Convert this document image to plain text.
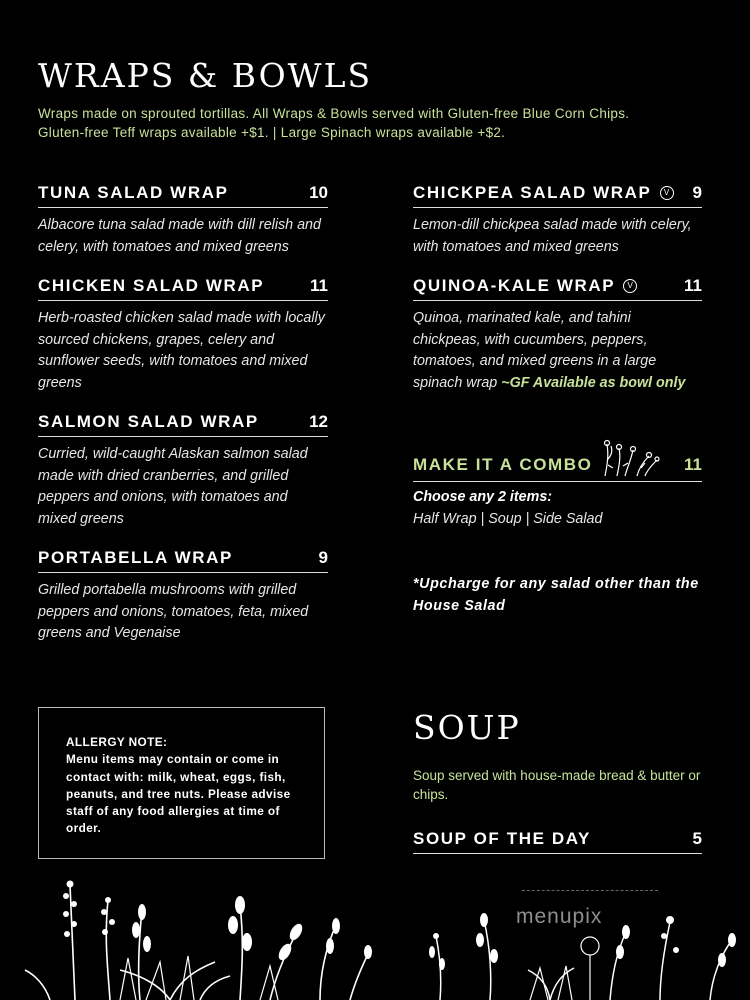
WRAPS & BOWLS
Wraps made on sprouted tortillas. All Wraps & Bowls served with Gluten-free Blue Corn Chips.
Gluten-free Teff wraps available +$1. | Large Spinach wraps available +$2.
TUNA SALAD WRAP	10
Albacore tuna salad made with dill relish and celery, with tomatoes and mixed greens
CHICKEN SALAD WRAP	11
Herb-roasted chicken salad made with locally sourced chickens, grapes, celery and sunflower seeds, with tomatoes and mixed greens
SALMON SALAD WRAP	12
Curried, wild-caught Alaskan salmon salad made with dried cranberries, and grilled peppers and onions, with tomatoes and mixed greens
PORTABELLA WRAP	9
Grilled portabella mushrooms with grilled peppers and onions, tomatoes, feta, mixed greens and Vegenaise
CHICKPEA SALAD WRAP	V 9
Lemon-dill chickpea salad made with celery, with tomatoes and mixed greens
QUINOA-KALE WRAP	V	11
Quinoa, marinated kale, and tahini chickpeas, with cucumbers, peppers, tomatoes, and mixed greens in a large spinach wrap ~GF Available as bowl only
MAKE IT A COMBO	11
Choose any 2 items:
Half Wrap | Soup | Side Salad
*Upcharge for any salad other than the House Salad
ALLERGY NOTE:
Menu items may contain or come in contact with: milk, wheat, eggs, fish, peanuts, and tree nuts. Please advise staff of any food allergies at time of order.
SOUP
Soup served with house-made bread & butter or chips.
SOUP OF THE DAY	5
menupix
